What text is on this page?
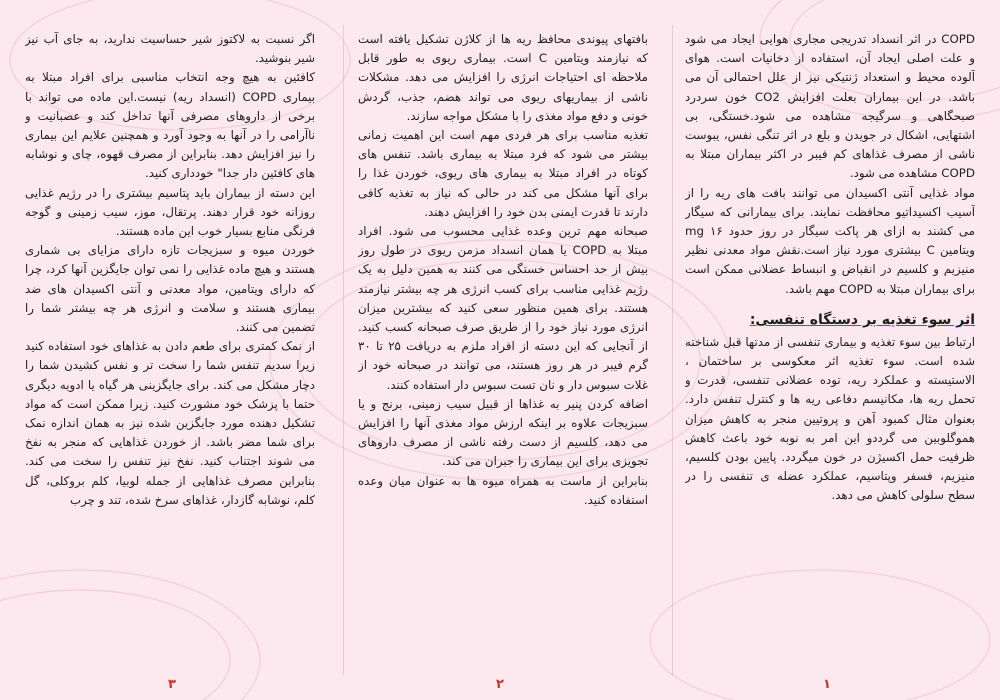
COPD در اثر انسداد تدریجی مجاری هوایی ایجاد می شود و علت اصلی ایجاد آن، استفاده از دخانیات است. هوای آلوده محیط و استعداد ژنتیکی نیز از علل احتمالی آن می باشد. در این بیماران بعلت افزایش CO2 خون سردرد صبحگاهی و سرگیجه مشاهده می شود.خستگی، بی اشتهایی، اشکال در جویدن و بلع در اثر تنگی نفس، یبوست ناشی از مصرف غذاهای کم فیبر در اکثر بیماران مبتلا به COPD مشاهده می شود.

مواد غذایی آنتی اکسیدان می توانند بافت های ریه را از آسیب اکسیداتیو محافظت نمایند. برای بیمارانی که سیگار می کشند به ازای هر پاکت سیگار در روز حدود ۱۶ mg ویتامین C بیشتری مورد نیاز است.نقش مواد معدنی نظیر منیزیم و کلسیم در انقباض و انبساط عضلانی ممکن است برای بیماران مبتلا به COPD مهم باشد.

اثر سوء تغذیه بر دستگاه تنفسی:

ارتباط بین سوء تغذیه و بیماری تنفسی از مدتها قبل شناخته شده است. سوء تغذیه اثر معکوسی بر ساختمان ، الاستیسته و عملکرد ریه، توده عضلانی تنفسی، قدرت و تحمل ریه ها، مکانیسم دفاعی ریه ها و کنترل تنفس دارد. بعنوان مثال کمبود آهن و پروتیین منجر به کاهش میزان هموگلوبین می گرددو این امر به نوبه خود باعث کاهش ظرفیت حمل اکسیژن در خون میگردد. پایین بودن کلسیم، منیزیم، فسفر وپتاسیم، عملکرد عضله ی تنفسی را در سطح سلولی کاهش می دهد.

بافتهای پیوندی محافظ ریه ها از کلاژن تشکیل یافته است که نیازمند ویتامین C است. بیماری ریوی به طور قابل ملاحظه ای احتیاجات انرژی را افزایش می دهد. مشکلات ناشی از بیماریهای ریوی می تواند هضم، جذب، گردش خونی و دفع مواد مغذی را با مشکل مواجه سازند.

تغذیه مناسب برای هر فردی مهم است این اهمیت زمانی بیشتر می شود که فرد مبتلا به بیماری باشد. تنفس های کوتاه در افراد مبتلا به بیماری های ریوی، خوردن غذا را برای آنها مشکل می کند در حالی که نیاز به تغذیه کافی دارند تا قدرت ایمنی بدن خود را افزایش دهند.

صبحانه مهم ترین وعده غذایی محسوب می شود. افراد مبتلا به COPD یا همان انسداد مزمن ریوی در طول روز بیش از حد احساس خستگی می کنند به همین دلیل به یک رژیم غذایی مناسب برای کسب انرژی هر چه بیشتر نیازمند هستند. برای همین منظور سعی کنید که بیشترین میزان انرژی مورد نیاز خود را از طریق صرف صبحانه کسب کنید. از آنجایی که این دسته از افراد ملزم به دریافت ۲۵ تا ۳۰ گرم فیبر در هر روز هستند، می توانند در صبحانه خود از غلات سبوس دار و نان تست سبوس دار استفاده کنند.

اضافه کردن پنیر به غذاها از قبیل سیب زمینی، برنج و یا سبزیجات علاوه بر اینکه ارزش مواد مغذی آنها را افزایش می دهد، کلسیم از دست رفته ناشی از مصرف داروهای تجویزی برای این بیماری را جبران می کند.

بنابراین از ماست به همراه میوه ها به عنوان میان وعده استفاده کنید.

اگر نسبت به لاکتوز شیر حساسیت ندارید، به جای آب نیز شیر بنوشید.

کافئین به هیچ وجه انتخاب مناسبی برای افراد مبتلا به بیماری COPD (انسداد ریه) نیست.این ماده می تواند با برخی از داروهای مصرفی آنها تداخل کند و عصبانیت و ناآرامی را در آنها به وجود آورد و همچنین علایم این بیماری را نیز افزایش دهد. بنابراین از مصرف قهوه، چای و نوشابه های کافئین دار جدا" خودداری کنید.

این دسته از بیماران باید پتاسیم بیشتری را در رژیم غذایی روزانه خود قرار دهند. پرتقال، موز، سیب زمینی و گوجه فرنگی منابع بسیار خوب این ماده هستند.

خوردن میوه و سبزیجات تازه دارای مزایای بی شماری هستند و هیچ ماده غذایی را نمی توان جایگزین آنها کرد، چرا که دارای ویتامین، مواد معدنی و آنتی اکسیدان های ضد بیماری هستند و سلامت و انرژی هر چه بیشتر شما را تضمین می کنند.

از نمک کمتری برای طعم دادن به غذاهای خود استفاده کنید زیرا سدیم تنفس شما را سخت تر و نفس کشیدن شما را دچار مشکل می کند. برای جایگزینی هر گیاه یا ادویه دیگری حتما با پزشک خود مشورت کنید. زیرا ممکن است که مواد تشکیل دهنده مورد جایگزین شده نیز به همان اندازه نمک برای شما مضر باشد. از خوردن غذاهایی که منجر به نفخ می شوند اجتناب کنید. نفخ نیز تنفس را سخت می کند. بنابراین مصرف غذاهایی از جمله لوبیا، کلم بروکلی، گل کلم، نوشابه گازدار، غذاهای سرخ شده، تند و چرب

۱
۲
۳
